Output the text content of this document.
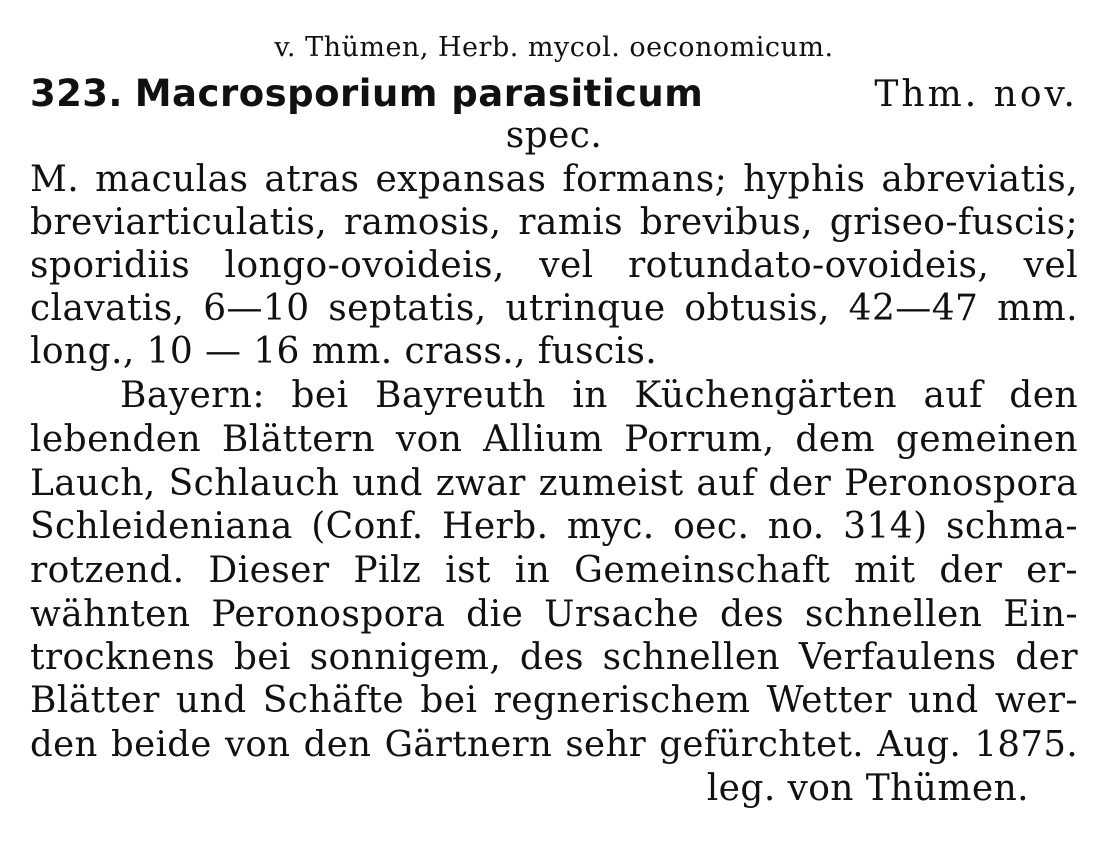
v. Thümen, Herb. mycol. oeconomicum.
323. Macrosporium parasiticum	Thm. nov.
spec.
M. maculas atras expansas formans; hyphis abreviatis,
breviarticulatis, ramosis, ramis brevibus, griseo-fuscis;
sporidiis longo-ovoideis, vel rotundato-ovoideis, vel
clavatis, 6—10 septatis, utrinque obtusis, 42—47 mm.
long., 10 — 16 mm. crass., fuscis.
Bayern: bei Bayreuth in Küchengärten auf den
lebenden Blättern von Allium Porrum, dem gemeinen
Lauch, Schlauch und zwar zumeist auf der Peronospora
Schleideniana (Conf. Herb. myc. oec. no. 314) schma-
rotzend. Dieser Pilz ist in Gemeinschaft mit der er-
wähnten Peronospora die Ursache des schnellen Ein-
trocknens bei sonnigem, des schnellen Verfaulens der
Blätter und Schäfte bei regnerischem Wetter und wer-
den beide von den Gärtnern sehr gefürchtet. Aug. 1875.
leg. von Thümen.
